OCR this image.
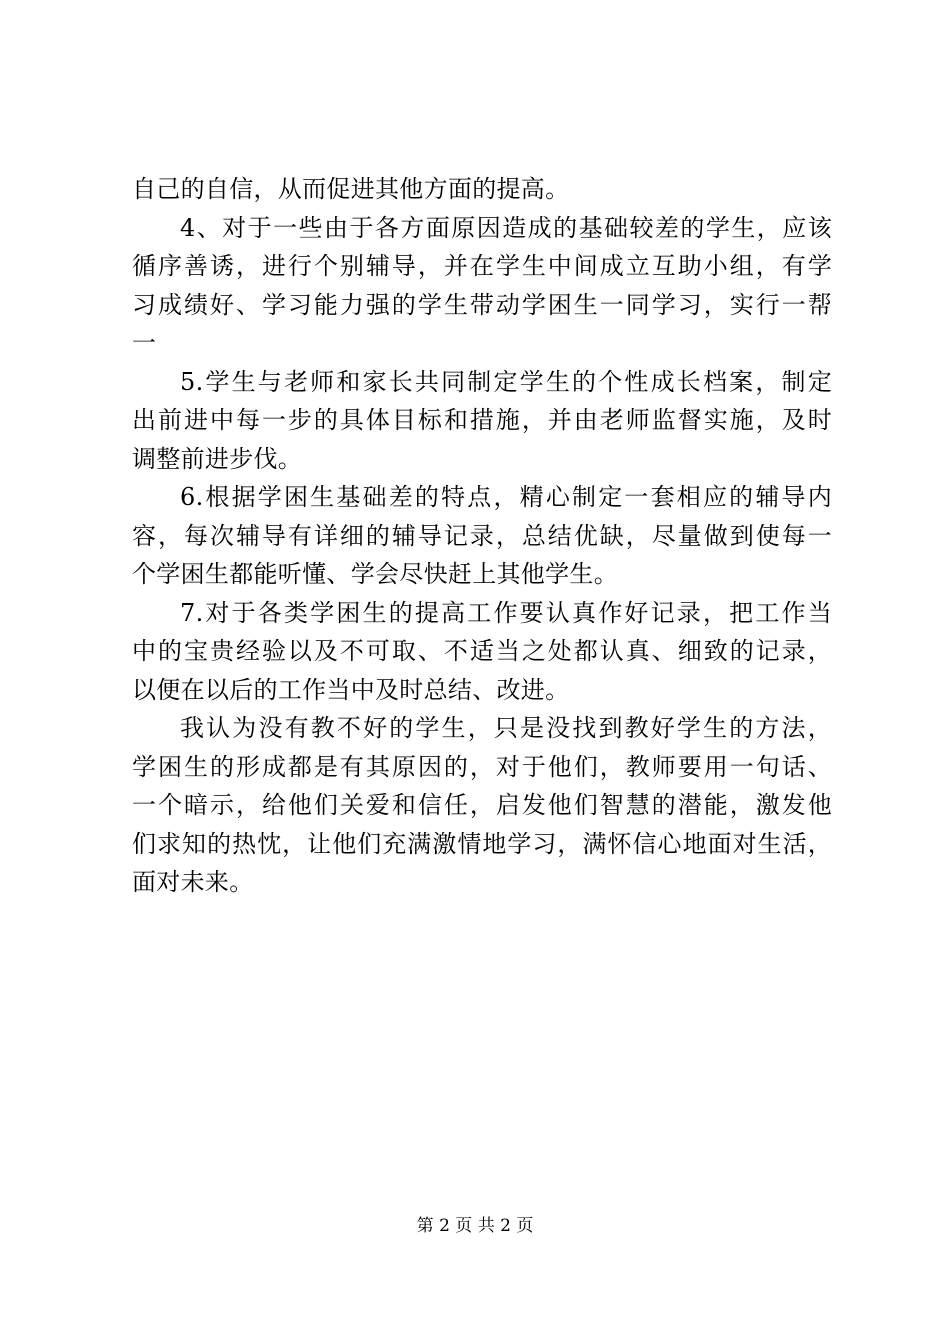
自己的自信，从而促进其他方面的提高。
4、对于一些由于各方面原因造成的基础较差的学生，应该
循序善诱，进行个别辅导，并在学生中间成立互助小组，有学
习成绩好、学习能力强的学生带动学困生一同学习，实行一帮
一
5.学生与老师和家长共同制定学生的个性成长档案，制定
出前进中每一步的具体目标和措施，并由老师监督实施，及时
调整前进步伐。
6.根据学困生基础差的特点，精心制定一套相应的辅导内
容，每次辅导有详细的辅导记录，总结优缺，尽量做到使每一
个学困生都能听懂、学会尽快赶上其他学生。
7.对于各类学困生的提高工作要认真作好记录，把工作当
中的宝贵经验以及不可取、不适当之处都认真、细致的记录，
以便在以后的工作当中及时总结、改进。
我认为没有教不好的学生，只是没找到教好学生的方法，
学困生的形成都是有其原因的，对于他们，教师要用一句话、
一个暗示，给他们关爱和信任，启发他们智慧的潜能，激发他
们求知的热忱，让他们充满激情地学习，满怀信心地面对生活，
面对未来。
第 2 页 共 2 页
